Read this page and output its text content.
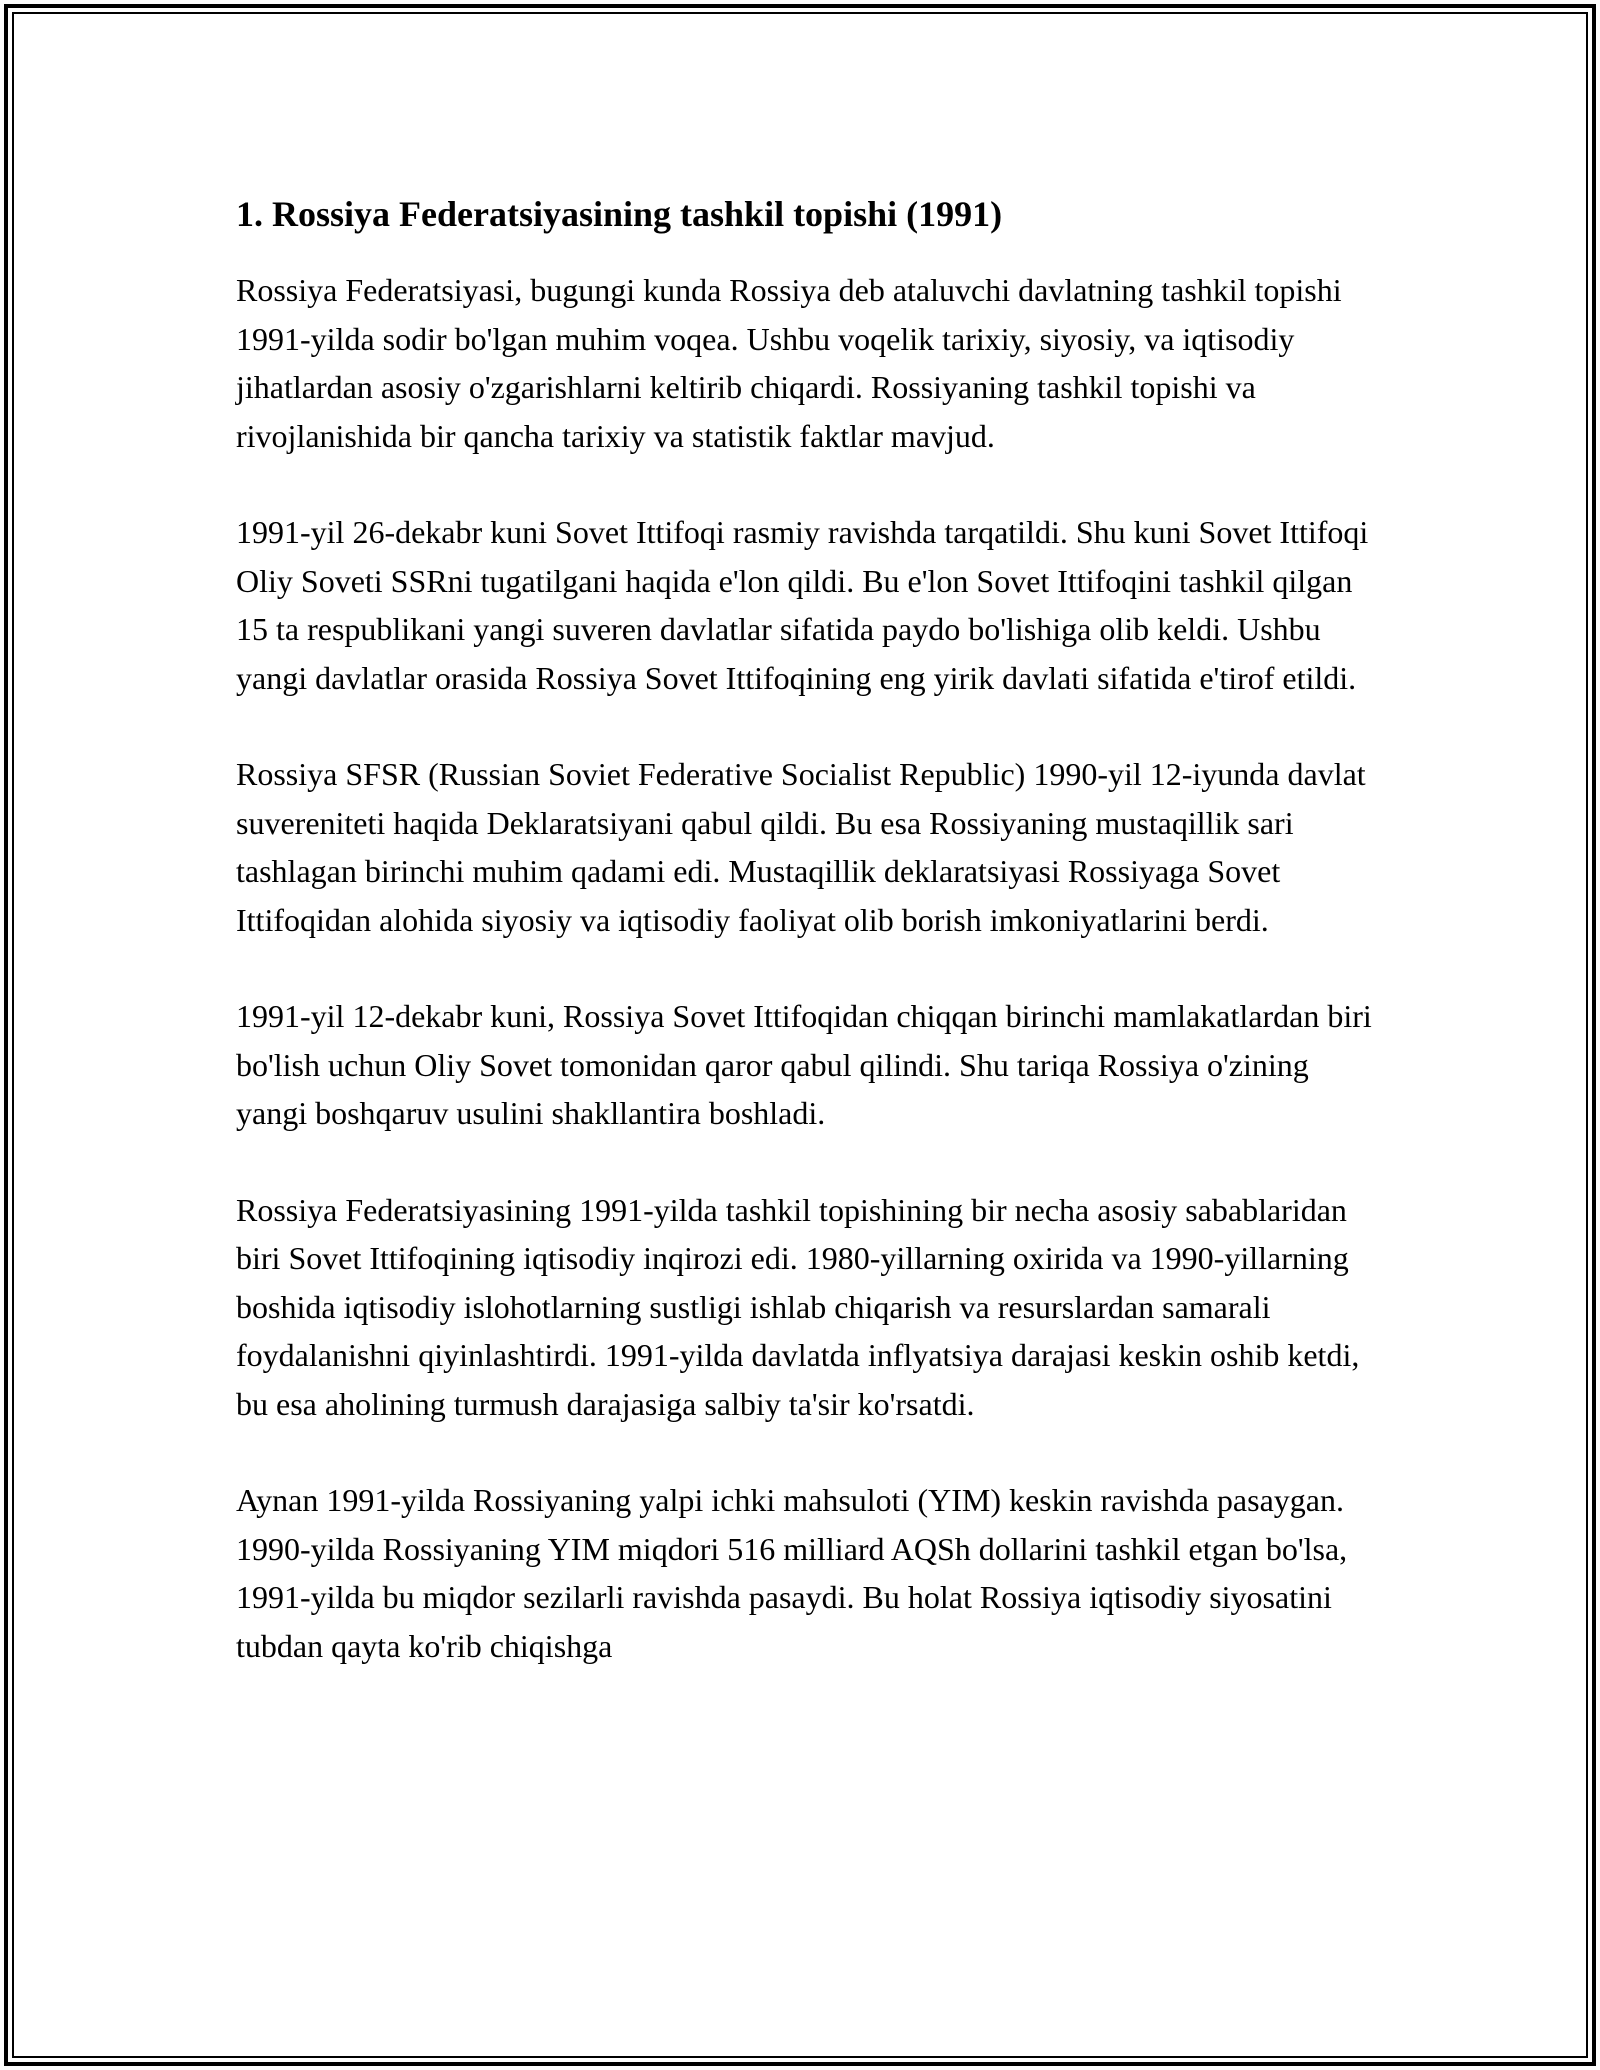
1. Rossiya Federatsiyasining tashkil topishi (1991)

Rossiya Federatsiyasi, bugungi kunda Rossiya deb ataluvchi davlatning tashkil topishi 1991-yilda sodir bo'lgan muhim voqea. Ushbu voqelik tarixiy, siyosiy, va iqtisodiy jihatlardan asosiy o'zgarishlarni keltirib chiqardi. Rossiyaning tashkil topishi va rivojlanishida bir qancha tarixiy va statistik faktlar mavjud.

1991-yil 26-dekabr kuni Sovet Ittifoqi rasmiy ravishda tarqatildi. Shu kuni Sovet Ittifoqi Oliy Soveti SSRni tugatilgani haqida e'lon qildi. Bu e'lon Sovet Ittifoqini tashkil qilgan 15 ta respublikani yangi suveren davlatlar sifatida paydo bo'lishiga olib keldi. Ushbu yangi davlatlar orasida Rossiya Sovet Ittifoqining eng yirik davlati sifatida e'tirof etildi.

Rossiya SFSR (Russian Soviet Federative Socialist Republic) 1990-yil 12-iyunda davlat suvereniteti haqida Deklaratsiyani qabul qildi. Bu esa Rossiyaning mustaqillik sari tashlagan birinchi muhim qadami edi. Mustaqillik deklaratsiyasi Rossiyaga Sovet Ittifoqidan alohida siyosiy va iqtisodiy faoliyat olib borish imkoniyatlarini berdi.

1991-yil 12-dekabr kuni, Rossiya Sovet Ittifoqidan chiqqan birinchi mamlakatlardan biri bo'lish uchun Oliy Sovet tomonidan qaror qabul qilindi. Shu tariqa Rossiya o'zining yangi boshqaruv usulini shakllantira boshladi.

Rossiya Federatsiyasining 1991-yilda tashkil topishining bir necha asosiy sabablaridan biri Sovet Ittifoqining iqtisodiy inqirozi edi. 1980-yillarning oxirida va 1990-yillarning boshida iqtisodiy islohotlarning sustligi ishlab chiqarish va resurslardan samarali foydalanishni qiyinlashtirdi. 1991-yilda davlatda inflyatsiya darajasi keskin oshib ketdi, bu esa aholining turmush darajasiga salbiy ta'sir ko'rsatdi.

Aynan 1991-yilda Rossiyaning yalpi ichki mahsuloti (YIM) keskin ravishda pasaygan. 1990-yilda Rossiyaning YIM miqdori 516 milliard AQSh dollarini tashkil etgan bo'lsa, 1991-yilda bu miqdor sezilarli ravishda pasaydi. Bu holat Rossiya iqtisodiy siyosatini tubdan qayta ko'rib chiqishga
